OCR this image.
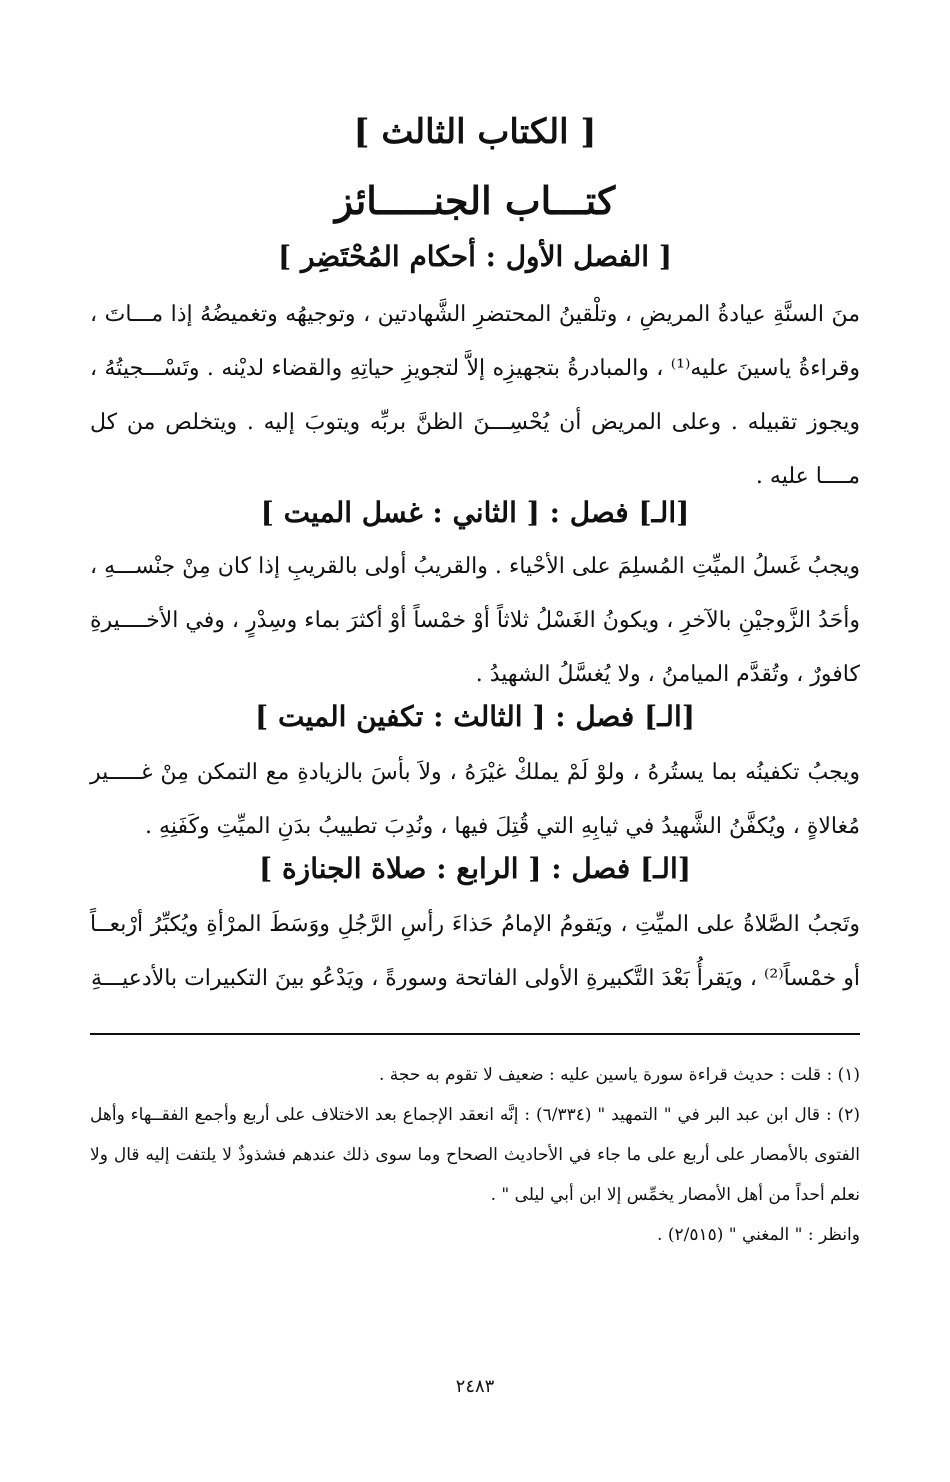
[ الكتاب الثالث ]
كتـــاب الجنـــــائز
[ الفصل الأول : أحكام المُحْتَضِر ]
منَ السنَّةِ عيادةُ المريضِ ، وتلْقينُ المحتضرِ الشَّهادتين ، وتوجيهُه وتغميضُهُ إذا مـــاتَ ، وقراءةُ ياسينَ عليه⁽¹⁾ ، والمبادرةُ بتجهيزِه إلاَّ لتجويزِ حياتِهِ والقضاء لديْنه . وتَسْـــجيتُهُ ، ويجوز تقبيله . وعلى المريض أن يُحْسِـــنَ الظنَّ بربِّه ويتوبَ إليه . ويتخلص من كل مــــا عليه .
[الـ] فصل : [ الثاني : غسل الميت ]
ويجبُ غَسلُ الميِّتِ المُسلِمَ على الأحْياء . والقريبُ أولى بالقريبِ إذا كان مِنْ جنْســـهِ ، وأحَدُ الزَّوجيْنِ بالآخرِ ، ويكونُ الغَسْلُ ثلاثاً أوْ خمْساً أوْ أكثرَ بماء وسِدْرٍ ، وفي الأخــــيرةِ كافورٌ ، وتُقدَّم الميامنُ ، ولا يُغسَّلُ الشهيدُ .
[الـ] فصل : [ الثالث : تكفين الميت ]
ويجبُ تكفينُه بما يستُرهُ ، ولوْ لَمْ يملكْ غيْرَهُ ، ولاَ بأسَ بالزيادةِ مع التمكن مِنْ غـــــير مُغالاةٍ ، ويُكفَّنُ الشَّهيدُ في ثيابِهِ التي قُتِلَ فيها ، ونُدِبَ تطييبُ بدَنِ الميِّتِ وكَفَنِهِ .
[الـ] فصل : [ الرابع : صلاة الجنازة ]
وتَجبُ الصَّلاةُ على الميِّتِ ، ويَقومُ الإمامُ حَذاءَ رأسِ الرَّجُلِ ووَسَطَ المرْأةِ ويُكبِّرُ أرْبعــاً أو خمْساً⁽²⁾ ، ويَقرأُ بَعْدَ التَّكبيرةِ الأولى الفاتحة وسورةً ، ويَدْعُو بينَ التكبيرات بالأدعيـــةِ
(١) : قلت : حديث قراءة سورة ياسين عليه : ضعيف لا تقوم به حجة .
(٢) : قال ابن عبد البر في " التمهيد " (٦/٣٣٤) : إنَّه انعقد الإجماع بعد الاختلاف على أربع وأجمع الفقــهاء وأهل الفتوى بالأمصار على أربع على ما جاء في الأحاديث الصحاح وما سوى ذلك عندهم فشذوذٌ لا يلتفت إليه قال ولا نعلم أحداً من أهل الأمصار يخمِّس إلا ابن أبي ليلى " .
وانظر : " المغني " (٢/٥١٥) .
٢٤٨٣
